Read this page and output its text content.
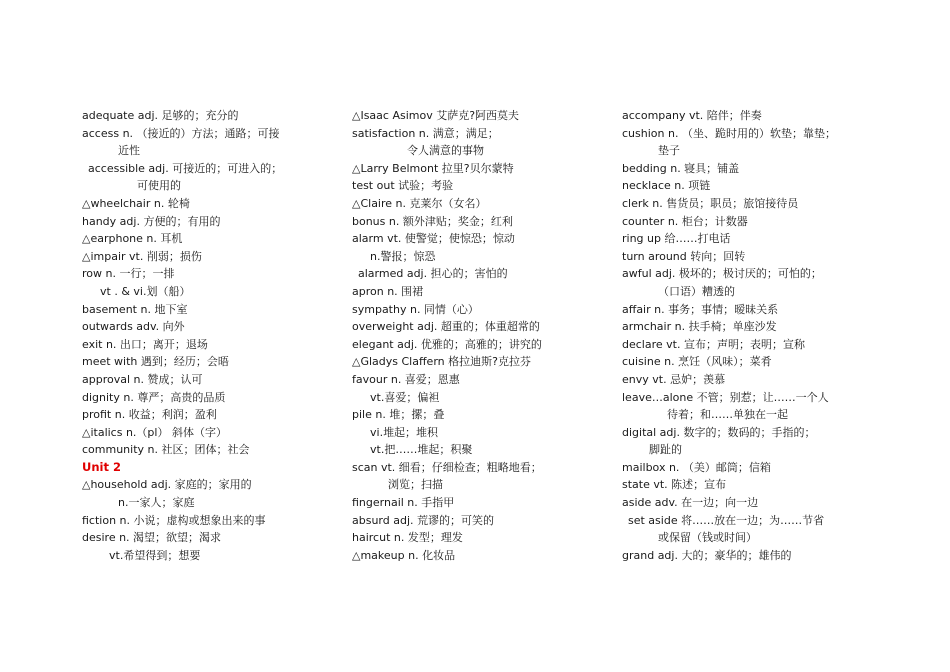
adequate adj. 足够的；充分的
access n. （接近的）方法；通路；可接
近性
accessible adj. 可接近的；可进入的；
可使用的
△wheelchair n. 轮椅
handy adj. 方便的；有用的
△earphone n. 耳机
△impair vt. 削弱；损伤
row n. 一行；一排
vt . & vi.划（船）
basement n. 地下室
outwards adv. 向外
exit n. 出口；离开；退场
meet with 遇到；经历；会晤
approval n. 赞成；认可
dignity n. 尊严；高贵的品质
profit n. 收益；利润；盈利
△italics n.（pl） 斜体（字）
community n. 社区；团体；社会
Unit 2
△household adj. 家庭的；家用的
n.一家人；家庭
fiction n. 小说；虚构或想象出来的事
desire n. 渴望；欲望；渴求
vt.希望得到；想要
△Isaac Asimov 艾萨克?阿西莫夫
satisfaction n. 满意；满足；
令人满意的事物
△Larry Belmont 拉里?贝尔蒙特
test out 试验；考验
△Claire n. 克莱尔（女名）
bonus n. 额外津贴；奖金；红利
alarm vt. 使警觉；使惊恐；惊动
n.警报；惊恐
alarmed adj. 担心的；害怕的
apron n. 围裙
sympathy n. 同情（心）
overweight adj. 超重的；体重超常的
elegant adj. 优雅的；高雅的；讲究的
△Gladys Claffern 格拉迪斯?克拉芬
favour n. 喜爱；恩惠
vt.喜爱；偏袒
pile n. 堆；摞；叠
vi.堆起；堆积
vt.把……堆起；积聚
scan vt. 细看；仔细检查；粗略地看；
浏览；扫描
fingernail n. 手指甲
absurd adj. 荒谬的；可笑的
haircut n. 发型；理发
△makeup n. 化妆品
accompany vt. 陪伴；伴奏
cushion n. （坐、跪时用的）软垫；靠垫；
垫子
bedding n. 寝具；铺盖
necklace n. 项链
clerk n. 售货员；职员；旅馆接待员
counter n. 柜台；计数器
ring up 给……打电话
turn around 转向；回转
awful adj. 极坏的；极讨厌的；可怕的；
（口语）糟透的
affair n. 事务；事情；暧昧关系
armchair n. 扶手椅；单座沙发
declare vt. 宣布；声明；表明；宣称
cuisine n. 烹饪（风味）；菜肴
envy vt. 忌妒；羡慕
leave…alone 不管；别惹；让……一个人
待着；和……单独在一起
digital adj. 数字的；数码的；手指的；
脚趾的
mailbox n. （美）邮筒；信箱
state vt. 陈述；宣布
aside adv. 在一边；向一边
set aside 将……放在一边；为……节省
或保留（钱或时间）
grand adj. 大的；豪华的；雄伟的
